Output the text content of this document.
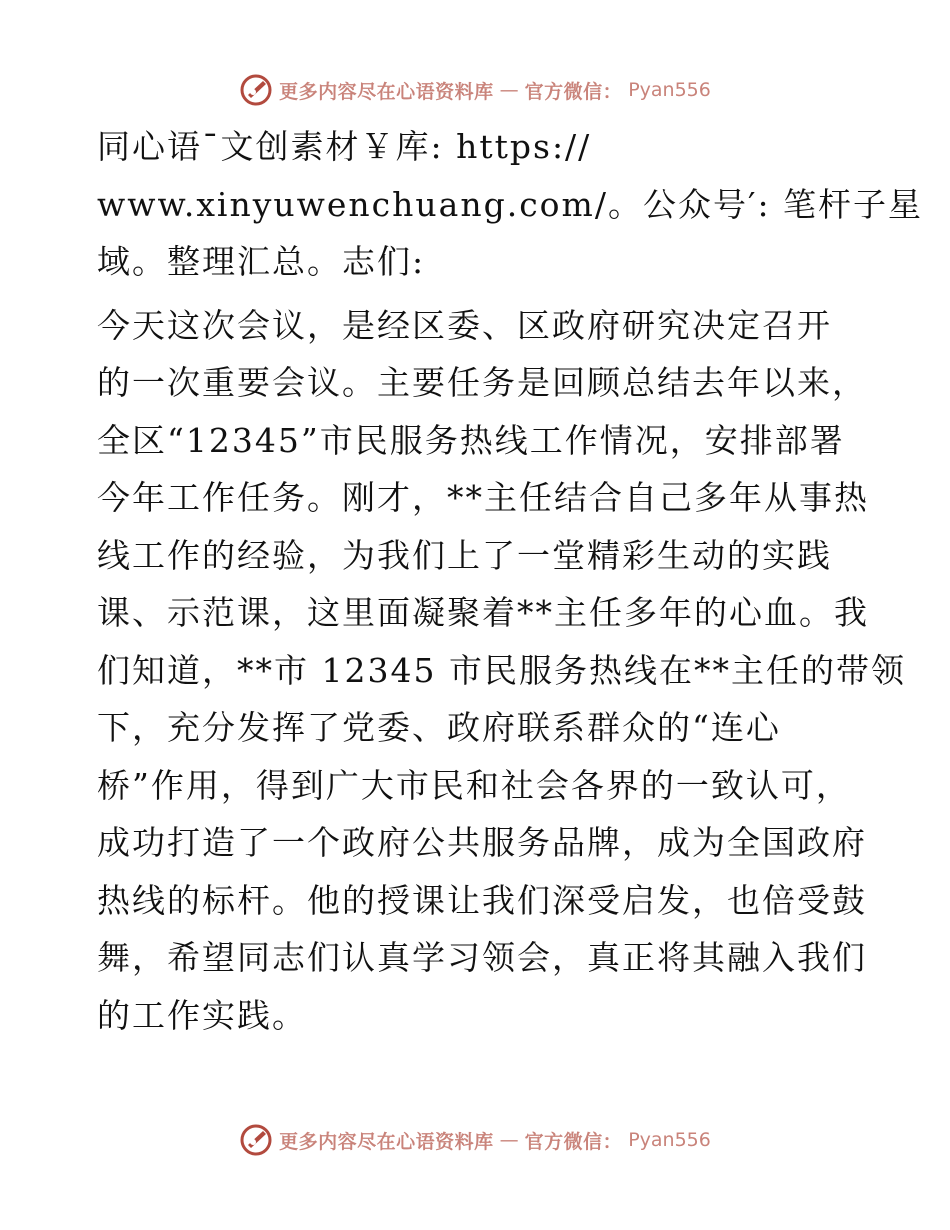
更多内容尽在心语资料库 — 官方微信： Pyan556

同心语¯文创素材￥库: https://
www.xinyuwenchuang.com/。公众号′: 笔杆子星
域。整理汇总。志们:

今天这次会议，是经区委、区政府研究决定召开
的一次重要会议。主要任务是回顾总结去年以来，
全区“12345”市民服务热线工作情况，安排部署
今年工作任务。刚才，**主任结合自己多年从事热
线工作的经验，为我们上了一堂精彩生动的实践
课、示范课，这里面凝聚着**主任多年的心血。我
们知道，**市 12345 市民服务热线在**主任的带领
下，充分发挥了党委、政府联系群众的“连心
桥”作用，得到广大市民和社会各界的一致认可，
成功打造了一个政府公共服务品牌，成为全国政府
热线的标杆。他的授课让我们深受启发，也倍受鼓
舞，希望同志们认真学习领会，真正将其融入我们
的工作实践。

更多内容尽在心语资料库 — 官方微信： Pyan556
